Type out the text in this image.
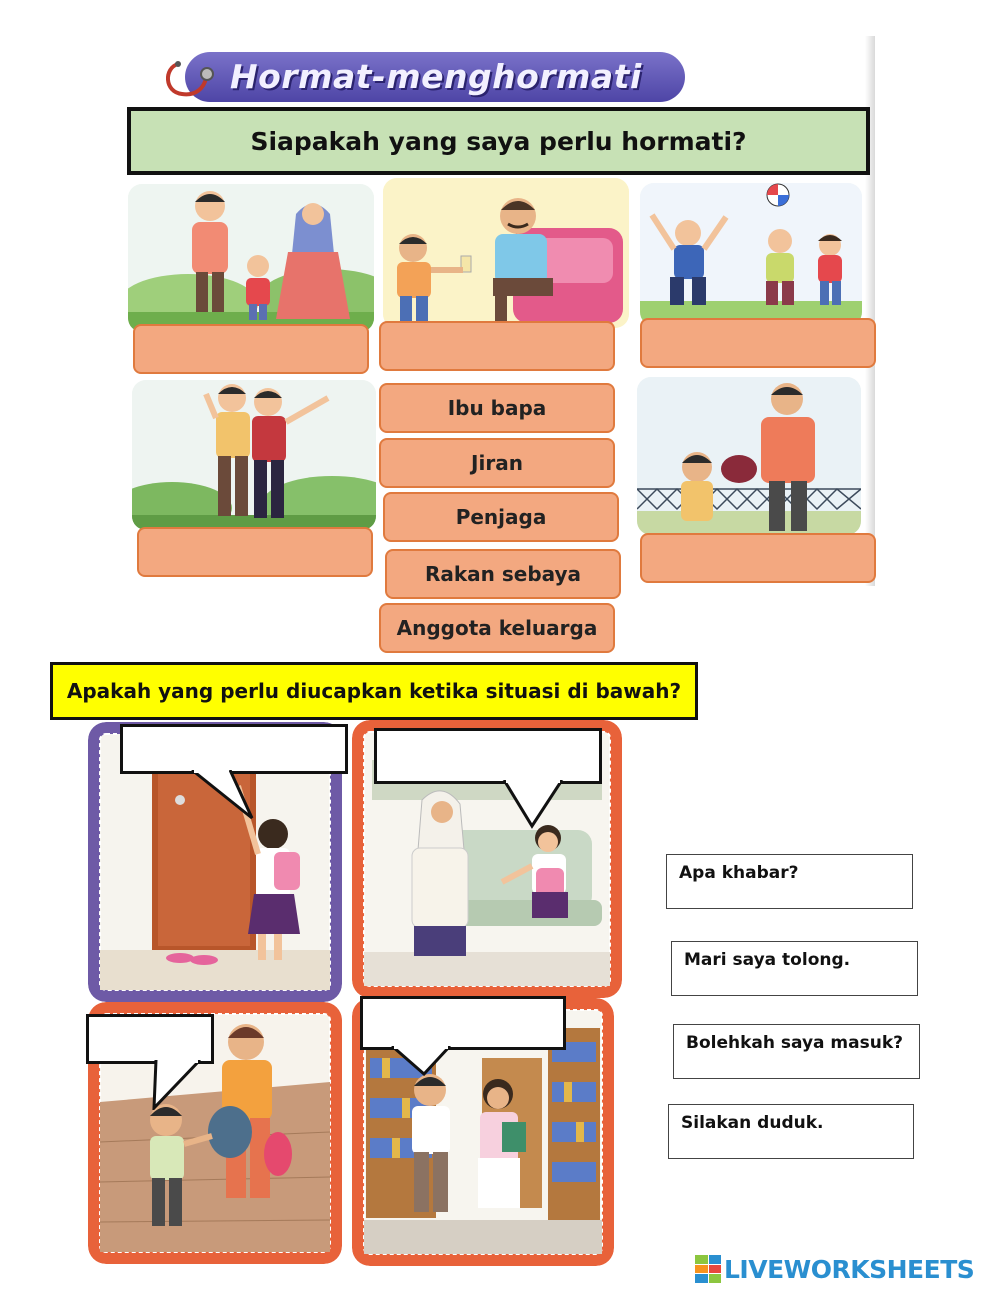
Hormat-menghormati
Siapakah yang saya perlu hormati?
Ibu bapa
Jiran
Penjaga
Rakan sebaya
Anggota keluarga
Apakah yang perlu diucapkan ketika situasi di bawah?
Apa khabar?
Mari saya tolong.
Bolehkah saya masuk?
Silakan duduk.
LIVEWORKSHEETS
